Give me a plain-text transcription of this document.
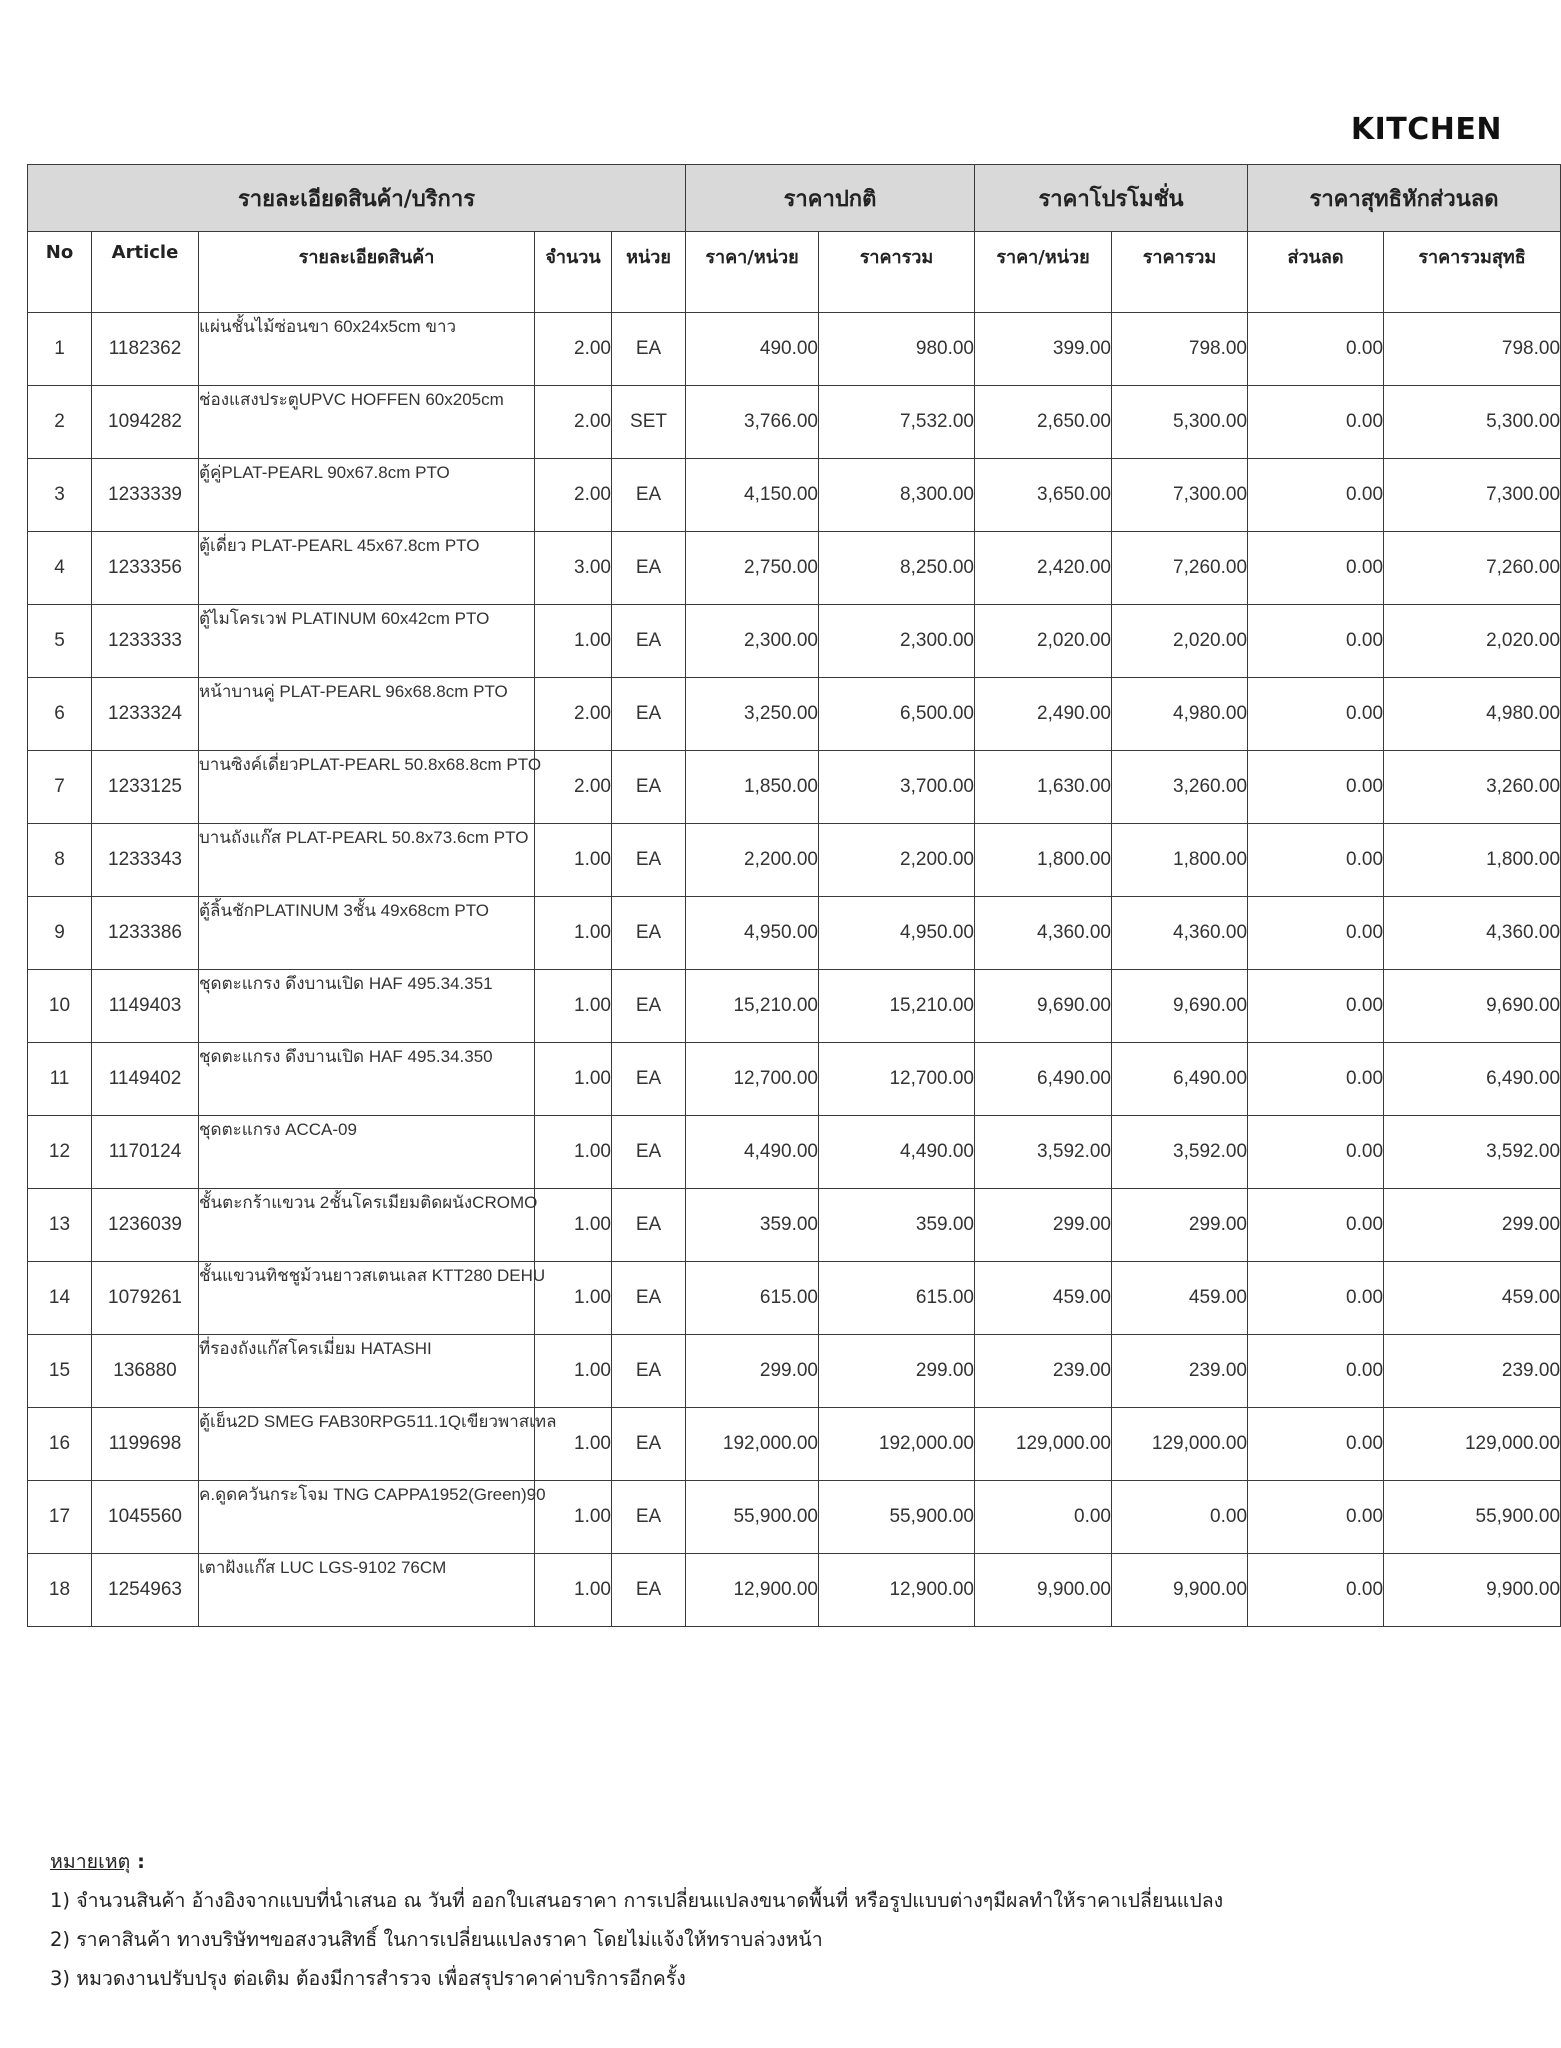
KITCHEN
รายละเอียดสินค้า/บริการ					ราคาปกติ		ราคาโปรโมชั่น		ราคาสุทธิหักส่วนลด	
No	Article	รายละเอียดสินค้า	จำนวน	หน่วย	ราคา/หน่วย	ราคารวม	ราคา/หน่วย	ราคารวม	ส่วนลด	ราคารวมสุทธิ
1	1182362	แผ่นชั้นไม้ซ่อนขา 60x24x5cm ขาว	2.00	EA	490.00	980.00	399.00	798.00	0.00	798.00
2	1094282	ช่องแสงประตูUPVC HOFFEN 60x205cm	2.00	SET	3,766.00	7,532.00	2,650.00	5,300.00	0.00	5,300.00
3	1233339	ตู้คู่PLAT-PEARL 90x67.8cm PTO	2.00	EA	4,150.00	8,300.00	3,650.00	7,300.00	0.00	7,300.00
4	1233356	ตู้เดี่ยว PLAT-PEARL 45x67.8cm PTO	3.00	EA	2,750.00	8,250.00	2,420.00	7,260.00	0.00	7,260.00
5	1233333	ตู้ไมโครเวฟ PLATINUM 60x42cm PTO	1.00	EA	2,300.00	2,300.00	2,020.00	2,020.00	0.00	2,020.00
6	1233324	หน้าบานคู่ PLAT-PEARL 96x68.8cm PTO	2.00	EA	3,250.00	6,500.00	2,490.00	4,980.00	0.00	4,980.00
7	1233125	บานซิงค์เดี่ยวPLAT-PEARL 50.8x68.8cm PTO	2.00	EA	1,850.00	3,700.00	1,630.00	3,260.00	0.00	3,260.00
8	1233343	บานถังแก๊ส PLAT-PEARL 50.8x73.6cm PTO	1.00	EA	2,200.00	2,200.00	1,800.00	1,800.00	0.00	1,800.00
9	1233386	ตู้ลิ้นชักPLATINUM 3ชั้น 49x68cm PTO	1.00	EA	4,950.00	4,950.00	4,360.00	4,360.00	0.00	4,360.00
10	1149403	ชุดตะแกรง ดึงบานเปิด HAF 495.34.351	1.00	EA	15,210.00	15,210.00	9,690.00	9,690.00	0.00	9,690.00
11	1149402	ชุดตะแกรง ดึงบานเปิด HAF 495.34.350	1.00	EA	12,700.00	12,700.00	6,490.00	6,490.00	0.00	6,490.00
12	1170124	ชุดตะแกรง ACCA-09	1.00	EA	4,490.00	4,490.00	3,592.00	3,592.00	0.00	3,592.00
13	1236039	ชั้นตะกร้าแขวน 2ชั้นโครเมียมติดผนังCROMO	1.00	EA	359.00	359.00	299.00	299.00	0.00	299.00
14	1079261	ชั้นแขวนทิชชูม้วนยาวสเตนเลส KTT280 DEHU	1.00	EA	615.00	615.00	459.00	459.00	0.00	459.00
15	136880	ที่รองถังแก๊สโครเมี่ยม HATASHI	1.00	EA	299.00	299.00	239.00	239.00	0.00	239.00
16	1199698	ตู้เย็น2D SMEG FAB30RPG511.1Qเขียวพาสเทล	1.00	EA	192,000.00	192,000.00	129,000.00	129,000.00	0.00	129,000.00
17	1045560	ค.ดูดควันกระโจม TNG CAPPA1952(Green)90	1.00	EA	55,900.00	55,900.00	0.00	0.00	0.00	55,900.00
18	1254963	เตาฝังแก๊ส LUC LGS-9102 76CM	1.00	EA	12,900.00	12,900.00	9,900.00	9,900.00	0.00	9,900.00
หมายเหตุ :
1) จำนวนสินค้า อ้างอิงจากแบบที่นำเสนอ ณ วันที่ ออกใบเสนอราคา การเปลี่ยนแปลงขนาดพื้นที่ หรือรูปแบบต่างๆมีผลทำให้ราคาเปลี่ยนแปลง
2) ราคาสินค้า ทางบริษัทฯขอสงวนสิทธิ์ ในการเปลี่ยนแปลงราคา โดยไม่แจ้งให้ทราบล่วงหน้า
3) หมวดงานปรับปรุง ต่อเติม ต้องมีการสำรวจ เพื่อสรุปราคาค่าบริการอีกครั้ง
